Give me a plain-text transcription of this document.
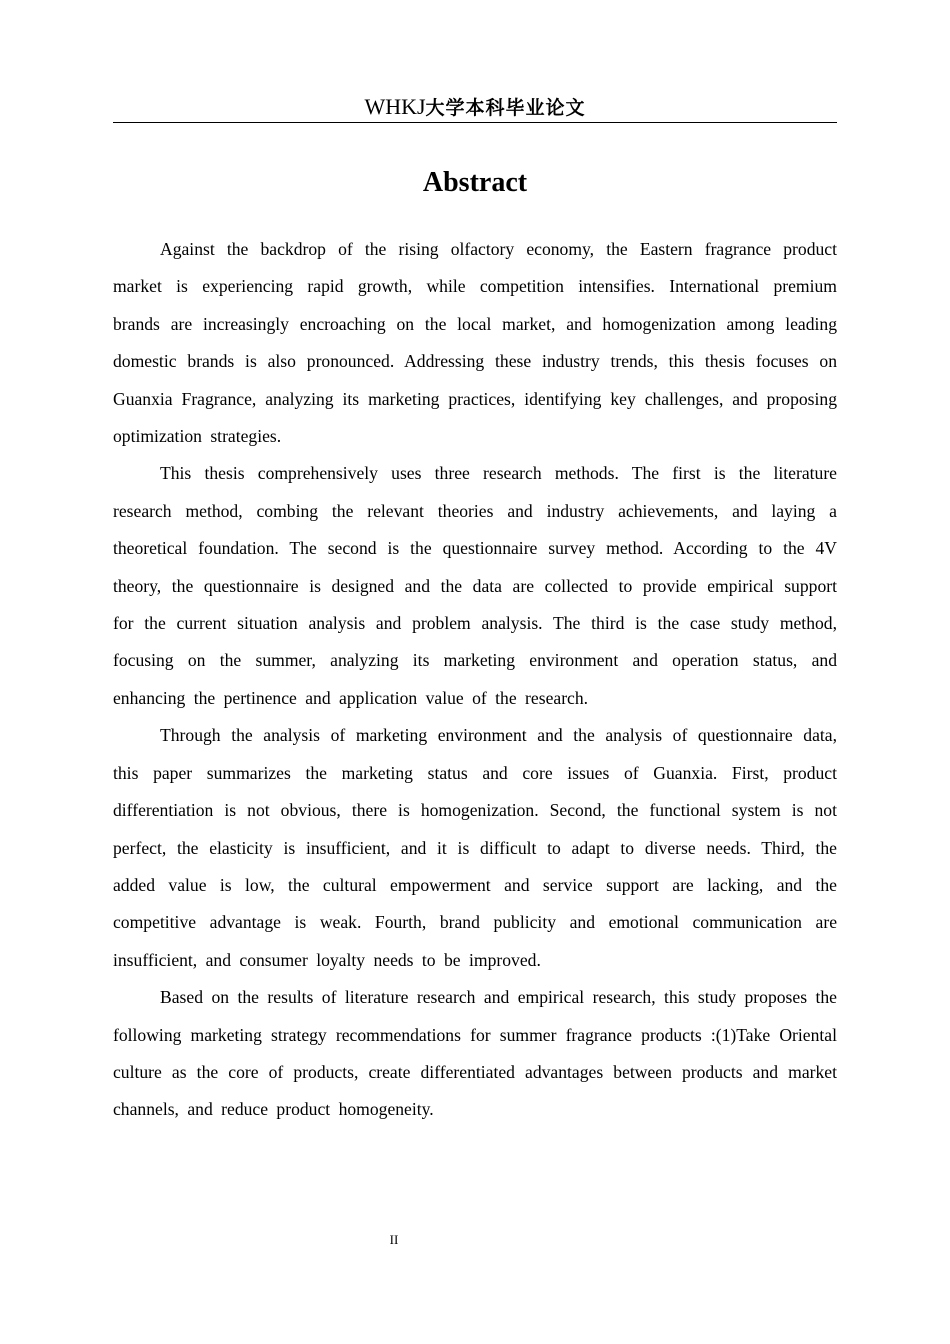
WHKJ大学本科毕业论文
Abstract

Against the backdrop of the rising olfactory economy, the Eastern fragrance product market is experiencing rapid growth, while competition intensifies. International premium brands are increasingly encroaching on the local market, and homogenization among leading domestic brands is also pronounced. Addressing these industry trends, this thesis focuses on Guanxia Fragrance, analyzing its marketing practices, identifying key challenges, and proposing optimization strategies.

This thesis comprehensively uses three research methods. The first is the literature research method, combing the relevant theories and industry achievements, and laying a theoretical foundation. The second is the questionnaire survey method. According to the 4V theory, the questionnaire is designed and the data are collected to provide empirical support for the current situation analysis and problem analysis. The third is the case study method, focusing on the summer, analyzing its marketing environment and operation status, and enhancing the pertinence and application value of the research.

Through the analysis of marketing environment and the analysis of questionnaire data, this paper summarizes the marketing status and core issues of Guanxia. First, product differentiation is not obvious, there is homogenization. Second, the functional system is not perfect, the elasticity is insufficient, and it is difficult to adapt to diverse needs. Third, the added value is low, the cultural empowerment and service support are lacking, and the competitive advantage is weak. Fourth, brand publicity and emotional communication are insufficient, and consumer loyalty needs to be improved.

Based on the results of literature research and empirical research, this study proposes the following marketing strategy recommendations for summer fragrance products :(1)Take Oriental culture as the core of products, create differentiated advantages between products and market channels, and reduce product homogeneity.

II
